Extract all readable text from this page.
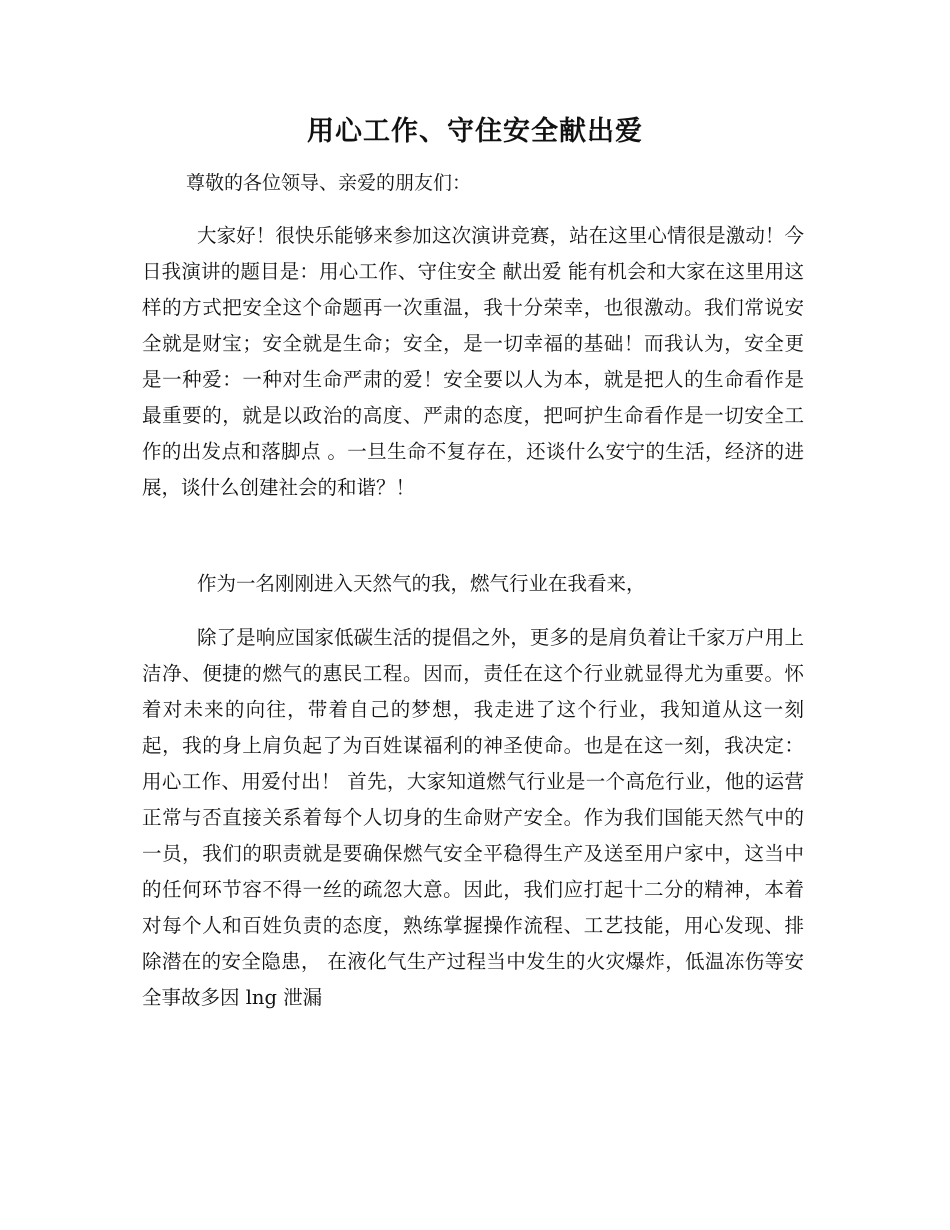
用心工作、守住安全献出爱
尊敬的各位领导、亲爱的朋友们：

大家好！很快乐能够来参加这次演讲竞赛，站在这里心情很是激动！今日我演讲的题目是：用心工作、守住安全 献出爱 能有机会和大家在这里用这样的方式把安全这个命题再一次重温，我十分荣幸，也很激动。我们常说安全就是财宝；安全就是生命；安全，是一切幸福的基础！而我认为，安全更是一种爱：一种对生命严肃的爱！安全要以人为本，就是把人的生命看作是最重要的，就是以政治的高度、严肃的态度，把呵护生命看作是一切安全工作的出发点和落脚点 。一旦生命不复存在，还谈什么安宁的生活，经济的进展，谈什么创建社会的和谐？！

作为一名刚刚进入天然气的我，燃气行业在我看来，

除了是响应国家低碳生活的提倡之外，更多的是肩负着让千家万户用上洁净、便捷的燃气的惠民工程。因而，责任在这个行业就显得尤为重要。怀着对未来的向往，带着自己的梦想，我走进了这个行业，我知道从这一刻起，我的身上肩负起了为百姓谋福利的神圣使命。也是在这一刻，我决定：用心工作、用爱付出！ 首先，大家知道燃气行业是一个高危行业，他的运营正常与否直接关系着每个人切身的生命财产安全。作为我们国能天然气中的一员，我们的职责就是要确保燃气安全平稳得生产及送至用户家中，这当中的任何环节容不得一丝的疏忽大意。因此，我们应打起十二分的精神，本着对每个人和百姓负责的态度，熟练掌握操作流程、工艺技能，用心发现、排除潜在的安全隐患， 在液化气生产过程当中发生的火灾爆炸，低温冻伤等安全事故多因 lng 泄漏
